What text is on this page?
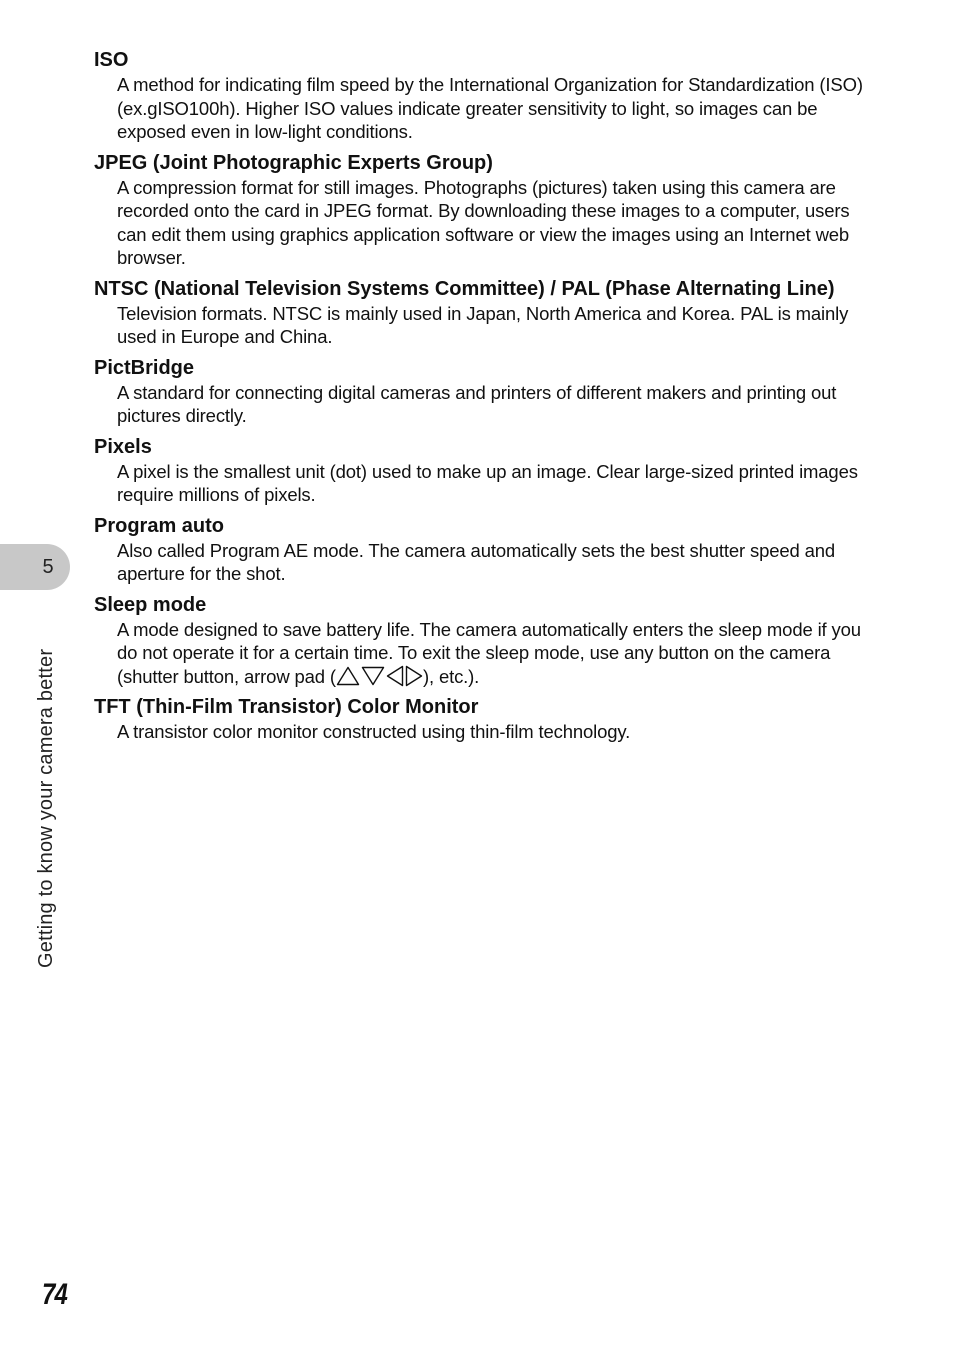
ISO

A method for indicating film speed by the International Organization for Standardization (ISO) (ex.gISO100h). Higher ISO values indicate greater sensitivity to light, so images can be exposed even in low-light conditions.

JPEG (Joint Photographic Experts Group)

A compression format for still images. Photographs (pictures) taken using this camera are recorded onto the card in JPEG format. By downloading these images to a computer, users can edit them using graphics application software or view the images using an Internet web browser.

NTSC (National Television Systems Committee) / PAL (Phase Alternating Line)

Television formats. NTSC is mainly used in Japan, North America and Korea. PAL is mainly used in Europe and China.

PictBridge

A standard for connecting digital cameras and printers of different makers and printing out pictures directly.

Pixels

A pixel is the smallest unit (dot) used to make up an image. Clear large-sized printed images require millions of pixels.

Program auto

Also called Program AE mode. The camera automatically sets the best shutter speed and aperture for the shot.

Sleep mode

A mode designed to save battery life. The camera automatically enters the sleep mode if you do not operate it for a certain time. To exit the sleep mode, use any button on the camera (shutter button, arrow pad (	), etc.).

TFT (Thin-Film Transistor) Color Monitor

A transistor color monitor constructed using thin-film technology.

5
Getting to know your camera better
74
